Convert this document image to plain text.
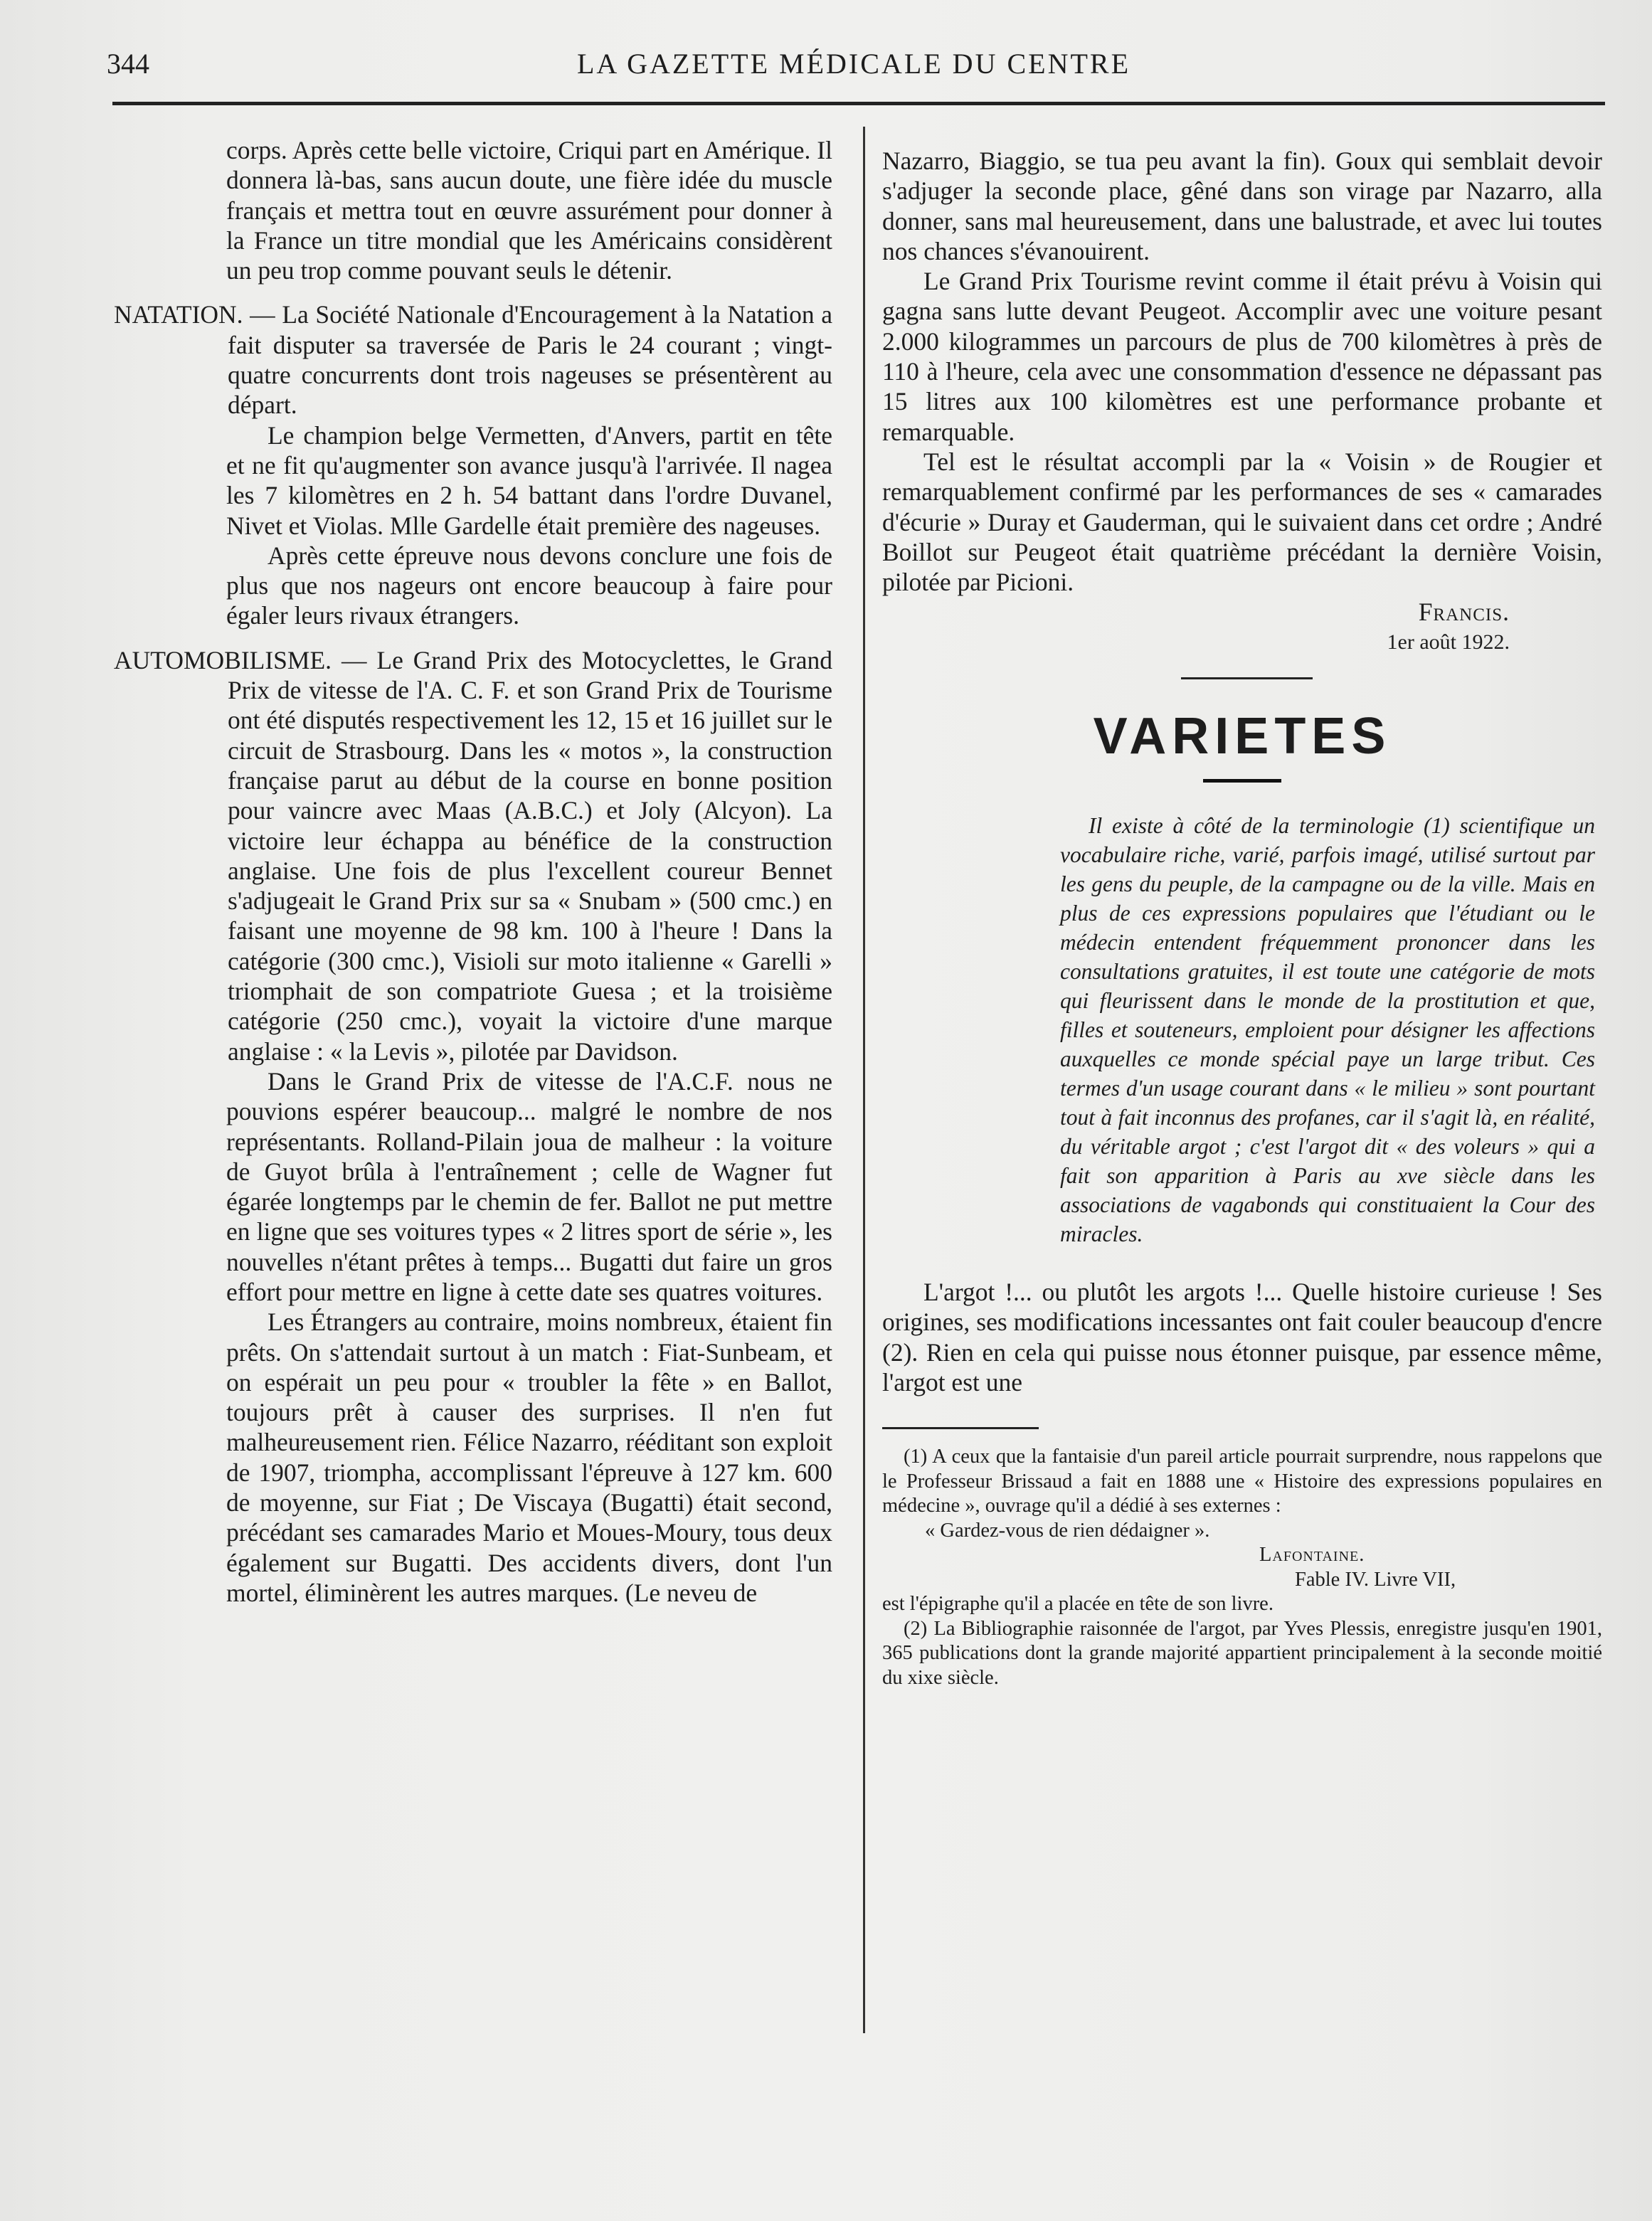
344	LA GAZETTE MÉDICALE DU CENTRE

corps. Après cette belle victoire, Criqui part en Amérique. Il donnera là-bas, sans aucun doute, une fière idée du muscle français et mettra tout en œuvre assurément pour donner à la France un titre mondial que les Américains considèrent un peu trop comme pouvant seuls le détenir.

NATATION. — La Société Nationale d'Encouragement à la Natation a fait disputer sa traversée de Paris le 24 courant ; vingt-quatre concurrents dont trois nageuses se présentèrent au départ.

Le champion belge Vermetten, d'Anvers, partit en tête et ne fit qu'augmenter son avance jusqu'à l'arrivée. Il nagea les 7 kilomètres en 2 h. 54 battant dans l'ordre Duvanel, Nivet et Violas. Mlle Gardelle était première des nageuses.

Après cette épreuve nous devons conclure une fois de plus que nos nageurs ont encore beaucoup à faire pour égaler leurs rivaux étrangers.

AUTOMOBILISME. — Le Grand Prix des Motocyclettes, le Grand Prix de vitesse de l'A. C. F. et son Grand Prix de Tourisme ont été disputés respectivement les 12, 15 et 16 juillet sur le circuit de Strasbourg. Dans les « motos », la construction française parut au début de la course en bonne position pour vaincre avec Maas (A.B.C.) et Joly (Alcyon). La victoire leur échappa au bénéfice de la construction anglaise. Une fois de plus l'excellent coureur Bennet s'adjugeait le Grand Prix sur sa « Snubam » (500 cmc.) en faisant une moyenne de 98 km. 100 à l'heure ! Dans la catégorie (300 cmc.), Visioli sur moto italienne « Garelli » triomphait de son compatriote Guesa ; et la troisième catégorie (250 cmc.), voyait la victoire d'une marque anglaise : « la Levis », pilotée par Davidson.

Dans le Grand Prix de vitesse de l'A.C.F. nous ne pouvions espérer beaucoup... malgré le nombre de nos représentants. Rolland-Pilain joua de malheur : la voiture de Guyot brûla à l'entraînement ; celle de Wagner fut égarée longtemps par le chemin de fer. Ballot ne put mettre en ligne que ses voitures types « 2 litres sport de série », les nouvelles n'étant prêtes à temps... Bugatti dut faire un gros effort pour mettre en ligne à cette date ses quatres voitures.

Les Étrangers au contraire, moins nombreux, étaient fin prêts. On s'attendait surtout à un match : Fiat-Sunbeam, et on espérait un peu pour « troubler la fête » en Ballot, toujours prêt à causer des surprises. Il n'en fut malheureusement rien. Félice Nazarro, rééditant son exploit de 1907, triompha, accomplissant l'épreuve à 127 km. 600 de moyenne, sur Fiat ; De Viscaya (Bugatti) était second, précédant ses camarades Mario et Moues-Moury, tous deux également sur Bugatti. Des accidents divers, dont l'un mortel, éliminèrent les autres marques. (Le neveu de

Nazarro, Biaggio, se tua peu avant la fin). Goux qui semblait devoir s'adjuger la seconde place, gêné dans son virage par Nazarro, alla donner, sans mal heureusement, dans une balustrade, et avec lui toutes nos chances s'évanouirent.

Le Grand Prix Tourisme revint comme il était prévu à Voisin qui gagna sans lutte devant Peugeot. Accomplir avec une voiture pesant 2.000 kilogrammes un parcours de plus de 700 kilomètres à près de 110 à l'heure, cela avec une consommation d'essence ne dépassant pas 15 litres aux 100 kilomètres est une performance probante et remarquable.

Tel est le résultat accompli par la « Voisin » de Rougier et remarquablement confirmé par les performances de ses « camarades d'écurie » Duray et Gauderman, qui le suivaient dans cet ordre ; André Boillot sur Peugeot était quatrième précédant la dernière Voisin, pilotée par Picioni.

Francis.

1er août 1922.

VARIETES

Il existe à côté de la terminologie (1) scientifique un vocabulaire riche, varié, parfois imagé, utilisé surtout par les gens du peuple, de la campagne ou de la ville. Mais en plus de ces expressions populaires que l'étudiant ou le médecin entendent fréquemment prononcer dans les consultations gratuites, il est toute une catégorie de mots qui fleurissent dans le monde de la prostitution et que, filles et souteneurs, emploient pour désigner les affections auxquelles ce monde spécial paye un large tribut. Ces termes d'un usage courant dans « le milieu » sont pourtant tout à fait inconnus des profanes, car il s'agit là, en réalité, du véritable argot ; c'est l'argot dit « des voleurs » qui a fait son apparition à Paris au xve siècle dans les associations de vagabonds qui constituaient la Cour des miracles.

L'argot !... ou plutôt les argots !... Quelle histoire curieuse ! Ses origines, ses modifications incessantes ont fait couler beaucoup d'encre (2). Rien en cela qui puisse nous étonner puisque, par essence même, l'argot est une

(1) A ceux que la fantaisie d'un pareil article pourrait surprendre, nous rappelons que le Professeur Brissaud a fait en 1888 une « Histoire des expressions populaires en médecine », ouvrage qu'il a dédié à ses externes :

« Gardez-vous de rien dédaigner ».

Lafontaine.

Fable IV. Livre VII,

est l'épigraphe qu'il a placée en tête de son livre.

(2) La Bibliographie raisonnée de l'argot, par Yves Plessis, enregistre jusqu'en 1901, 365 publications dont la grande majorité appartient principalement à la seconde moitié du xixe siècle.
